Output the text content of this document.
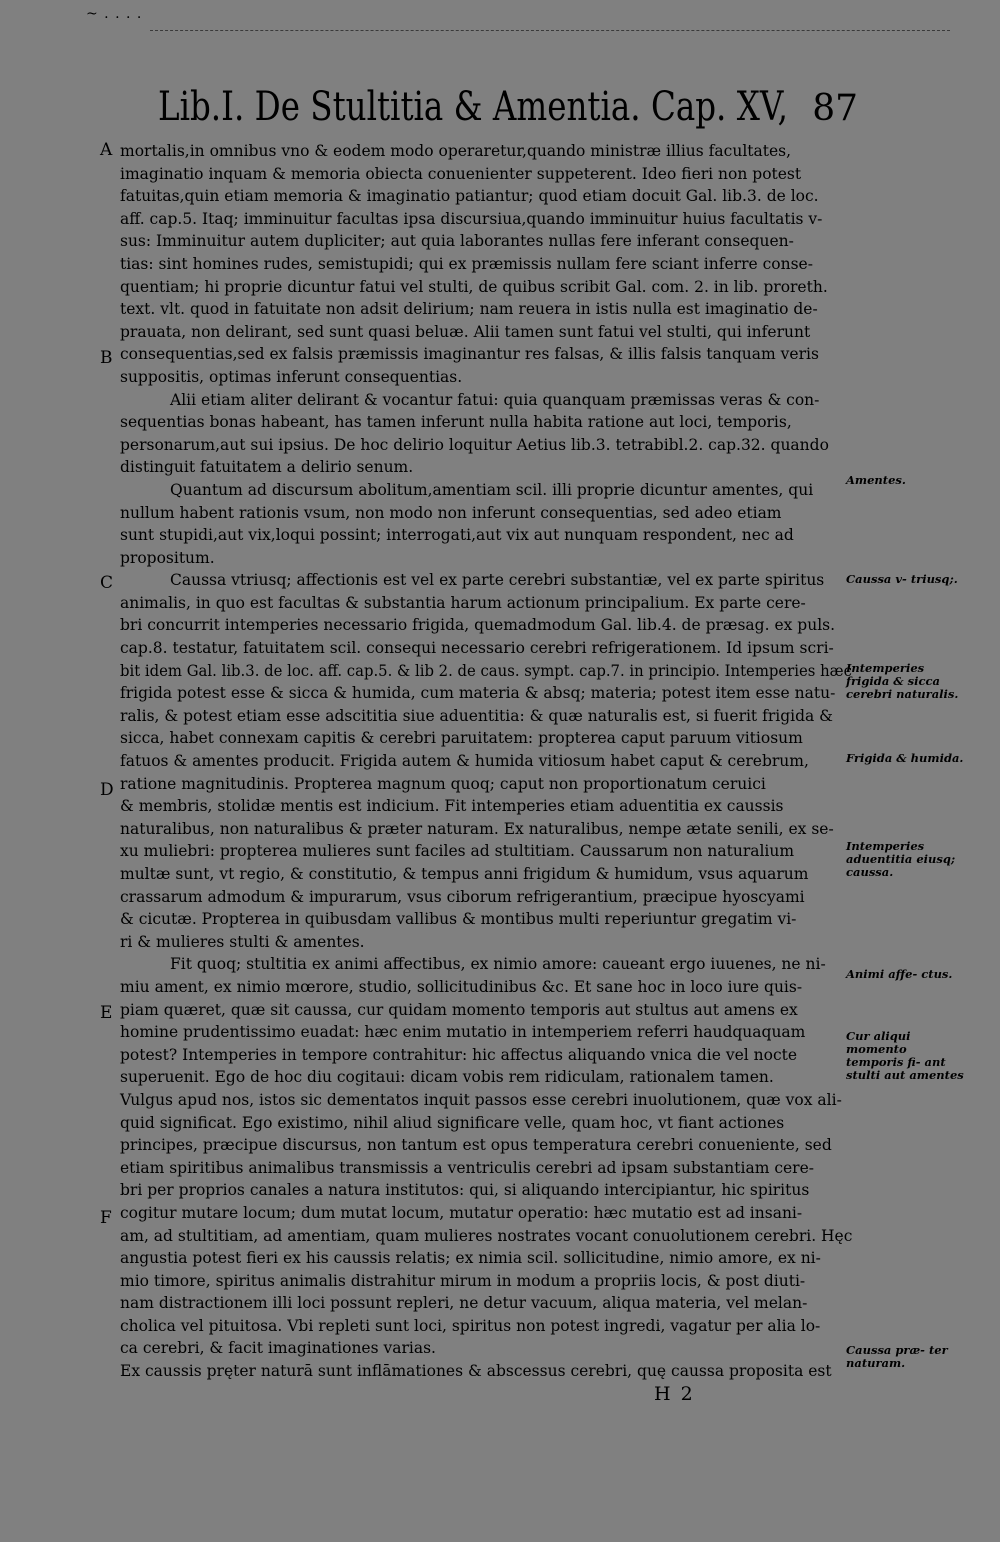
~ . . . .
Lib.I. De Stultitia & Amentia. Cap. XV, 87
A
B
C
D
E
F
Amentes.
Caussa v- triusq;.
Intemperies frigida & sicca cerebri naturalis.
Frigida & humida.
Intemperies aduentitia eiusq; caussa.
Animi affe- ctus.
Cur aliqui momento temporis fi- ant stulti aut amentes
Caussa præ- ter naturam.
mortalis,in omnibus vno & eodem modo operaretur,quando ministræ illius facultates,
imaginatio inquam & memoria obiecta conuenienter suppeterent. Ideo fieri non potest
fatuitas,quin etiam memoria & imaginatio patiantur; quod etiam docuit Gal. lib.3. de loc.
aff. cap.5. Itaq; imminuitur facultas ipsa discursiua,quando imminuitur huius facultatis v-
sus: Imminuitur autem dupliciter; aut quia laborantes nullas fere inferant consequen-
tias: sint homines rudes, semistupidi; qui ex præmissis nullam fere sciant inferre conse-
quentiam; hi proprie dicuntur fatui vel stulti, de quibus scribit Gal. com. 2. in lib. proreth.
text. vlt. quod in fatuitate non adsit delirium; nam reuera in istis nulla est imaginatio de-
prauata, non delirant, sed sunt quasi beluæ. Alii tamen sunt fatui vel stulti, qui inferunt
consequentias,sed ex falsis præmissis imaginantur res falsas, & illis falsis tanquam veris
suppositis, optimas inferunt consequentias.
Alii etiam aliter delirant & vocantur fatui: quia quanquam præmissas veras & con-
sequentias bonas habeant, has tamen inferunt nulla habita ratione aut loci, temporis,
personarum,aut sui ipsius. De hoc delirio loquitur Aetius lib.3. tetrabibl.2. cap.32. quando
distinguit fatuitatem a delirio senum.
Quantum ad discursum abolitum,amentiam scil. illi proprie dicuntur amentes, qui
nullum habent rationis vsum, non modo non inferunt consequentias, sed adeo etiam
sunt stupidi,aut vix,loqui possint; interrogati,aut vix aut nunquam respondent, nec ad
propositum.
Caussa vtriusq; affectionis est vel ex parte cerebri substantiæ, vel ex parte spiritus
animalis, in quo est facultas & substantia harum actionum principalium. Ex parte cere-
bri concurrit intemperies necessario frigida, quemadmodum Gal. lib.4. de præsag. ex puls.
cap.8. testatur, fatuitatem scil. consequi necessario cerebri refrigerationem. Id ipsum scri-
bit idem Gal. lib.3. de loc. aff. cap.5. & lib 2. de caus. sympt. cap.7. in principio. Intemperies hæc
frigida potest esse & sicca & humida, cum materia & absq; materia; potest item esse natu-
ralis, & potest etiam esse adscititia siue aduentitia: & quæ naturalis est, si fuerit frigida &
sicca, habet connexam capitis & cerebri paruitatem: propterea caput paruum vitiosum
fatuos & amentes producit. Frigida autem & humida vitiosum habet caput & cerebrum,
ratione magnitudinis. Propterea magnum quoq; caput non proportionatum ceruici
& membris, stolidæ mentis est indicium. Fit intemperies etiam aduentitia ex caussis
naturalibus, non naturalibus & præter naturam. Ex naturalibus, nempe ætate senili, ex se-
xu muliebri: propterea mulieres sunt faciles ad stultitiam. Caussarum non naturalium
multæ sunt, vt regio, & constitutio, & tempus anni frigidum & humidum, vsus aquarum
crassarum admodum & impurarum, vsus ciborum refrigerantium, præcipue hyoscyami
& cicutæ. Propterea in quibusdam vallibus & montibus multi reperiuntur gregatim vi-
ri & mulieres stulti & amentes.
Fit quoq; stultitia ex animi affectibus, ex nimio amore: caueant ergo iuuenes, ne ni-
miu ament, ex nimio mœrore, studio, sollicitudinibus &c. Et sane hoc in loco iure quis-
piam quæret, quæ sit caussa, cur quidam momento temporis aut stultus aut amens ex
homine prudentissimo euadat: hæc enim mutatio in intemperiem referri haudquaquam
potest? Intemperies in tempore contrahitur: hic affectus aliquando vnica die vel nocte
superuenit. Ego de hoc diu cogitaui: dicam vobis rem ridiculam, rationalem tamen.
Vulgus apud nos, istos sic dementatos inquit passos esse cerebri inuolutionem, quæ vox ali-
quid significat. Ego existimo, nihil aliud significare velle, quam hoc, vt fiant actiones
principes, præcipue discursus, non tantum est opus temperatura cerebri conueniente, sed
etiam spiritibus animalibus transmissis a ventriculis cerebri ad ipsam substantiam cere-
bri per proprios canales a natura institutos: qui, si aliquando intercipiantur, hic spiritus
cogitur mutare locum; dum mutat locum, mutatur operatio: hæc mutatio est ad insani-
am, ad stultitiam, ad amentiam, quam mulieres nostrates vocant conuolutionem cerebri. Hęc
angustia potest fieri ex his caussis relatis; ex nimia scil. sollicitudine, nimio amore, ex ni-
mio timore, spiritus animalis distrahitur mirum in modum a propriis locis, & post diuti-
nam distractionem illi loci possunt repleri, ne detur vacuum, aliqua materia, vel melan-
cholica vel pituitosa. Vbi repleti sunt loci, spiritus non potest ingredi, vagatur per alia lo-
ca cerebri, & facit imaginationes varias.
Ex caussis pręter naturā sunt inflāmationes & abscessus cerebri, quę caussa proposita est
H 2
